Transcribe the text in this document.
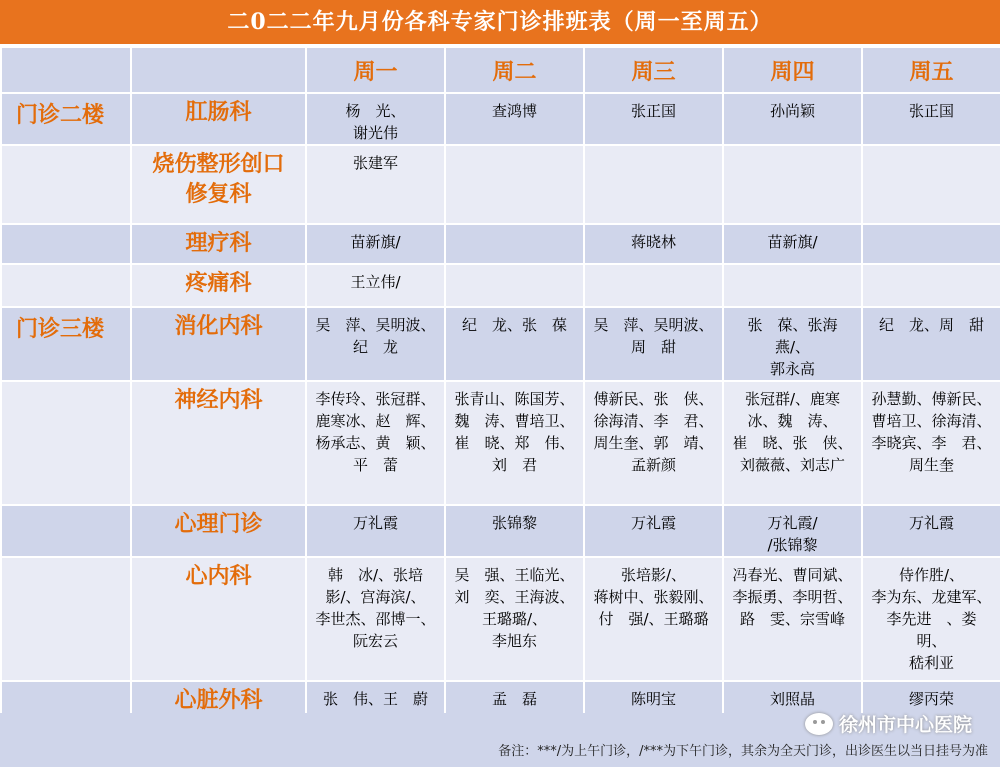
二0二二年九月份各科专家门诊排班表（周一至周五）
		周一	周二	周三	周四	周五
门诊二楼	肛肠科	杨　光、
谢光伟	查鸿博	张正国	孙尚颖	张正国
	烧伤整形创口
修复科	张建军				
	理疗科	苗新旗/		蒋晓林	苗新旗/	
	疼痛科	王立伟/				
门诊三楼	消化内科	吴　萍、吴明波、
纪　龙	纪　龙、张　葆	吴　萍、吴明波、
周　甜	张　葆、张海燕/、
郭永高	纪　龙、周　甜
	神经内科	李传玲、张冠群、
鹿寒冰、赵　辉、
杨承志、黄　颖、
平　蕾	张青山、陈国芳、
魏　涛、曹培卫、
崔　晓、郑　伟、
刘　君	傅新民、张　侠、
徐海清、李　君、
周生奎、郭　靖、
孟新颜	张冠群/、鹿寒
冰、魏　涛、
崔　晓、张　侠、
刘薇薇、刘志广	孙慧勤、傅新民、
曹培卫、徐海清、
李晓宾、李　君、
周生奎
	心理门诊	万礼霞	张锦黎	万礼霞	万礼霞/
/张锦黎	万礼霞
	心内科	韩　冰/、张培
影/、宫海滨/、
李世杰、邵博一、
阮宏云	吴　强、王临光、
刘　奕、王海波、
王璐璐/、
李旭东	张培影/、
蒋树中、张毅刚、
付　强/、王璐璐	冯春光、曹同斌、
李振勇、李明哲、
路　雯、宗雪峰	侍作胜/、
李为东、龙建军、
李先进　、娄　明、
嵇利亚
	心脏外科	张　伟、王　蔚	孟　磊	陈明宝	刘照晶	缪丙荣
备注：***/为上午门诊，/***为下午门诊，其余为全天门诊，出诊医生以当日挂号为准
徐州市中心医院
